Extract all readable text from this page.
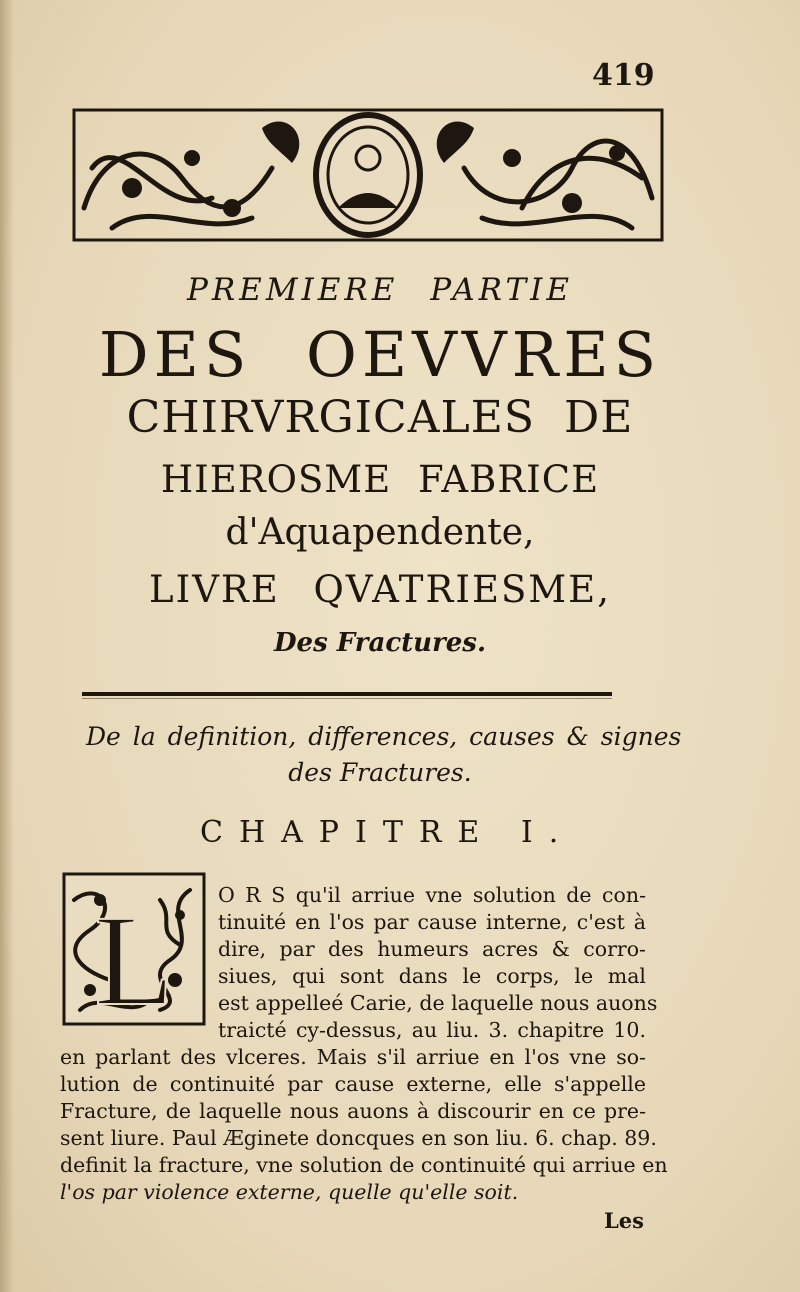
419
PREMIERE PARTIE
DES OEVVRES
CHIRVRGICALES DE
HIEROSME FABRICE
d'Aquapendente,
LIVRE QVATRIESME,
Des Fractures.
De la definition, differences, causes & signes
des Fractures.
CHAPITRE I.
L O R S qu'il arriue vne solution de con-
tinuité en l'os par cause interne, c'est à
dire, par des humeurs acres & corro-
siues, qui sont dans le corps, le mal
est appelleé Carie, de laquelle nous auons
traicté cy-dessus, au liu. 3. chapitre 10.
en parlant des vlceres. Mais s'il arriue en l'os vne so-
lution de continuité par cause externe, elle s'appelle
Fracture, de laquelle nous auons à discourir en ce pre-
sent liure. Paul Æginete doncques en son liu. 6. chap. 89.
definit la fracture, vne solution de continuité qui arriue en
l'os par violence externe, quelle qu'elle soit.
Les
